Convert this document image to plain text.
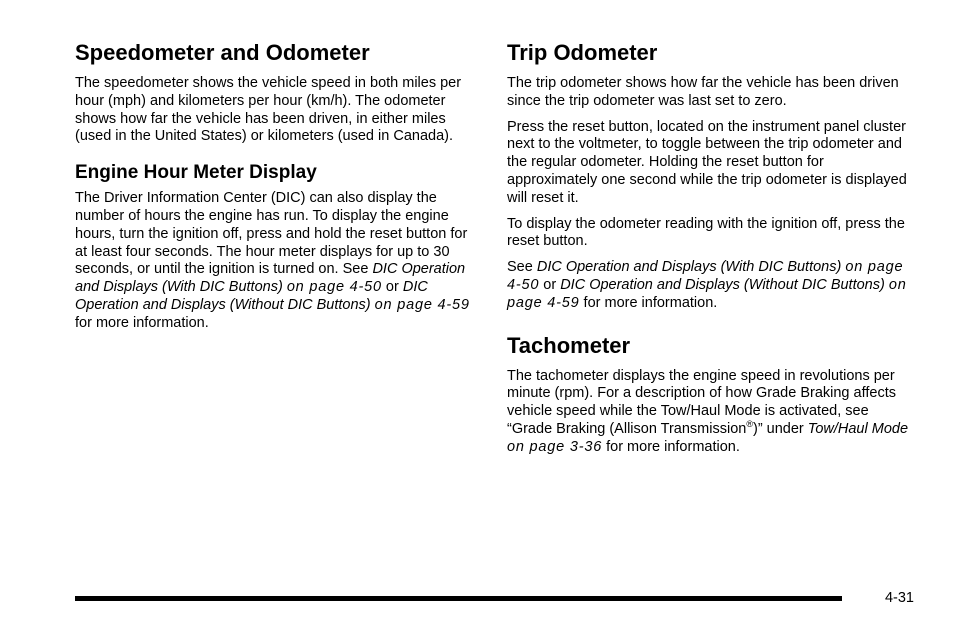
Speedometer and Odometer

The speedometer shows the vehicle speed in both miles per hour (mph) and kilometers per hour (km/h). The odometer shows how far the vehicle has been driven, in either miles (used in the United States) or kilometers (used in Canada).

Engine Hour Meter Display

The Driver Information Center (DIC) can also display the number of hours the engine has run. To display the engine hours, turn the ignition off, press and hold the reset button for at least four seconds. The hour meter displays for up to 30 seconds, or until the ignition is turned on. See DIC Operation and Displays (With DIC Buttons) on page 4-50 or DIC Operation and Displays (Without DIC Buttons) on page 4-59 for more information.

Trip Odometer

The trip odometer shows how far the vehicle has been driven since the trip odometer was last set to zero.

Press the reset button, located on the instrument panel cluster next to the voltmeter, to toggle between the trip odometer and the regular odometer. Holding the reset button for approximately one second while the trip odometer is displayed will reset it.

To display the odometer reading with the ignition off, press the reset button.

See DIC Operation and Displays (With DIC Buttons) on page 4-50 or DIC Operation and Displays (Without DIC Buttons) on page 4-59 for more information.

Tachometer

The tachometer displays the engine speed in revolutions per minute (rpm). For a description of how Grade Braking affects vehicle speed while the Tow/Haul Mode is activated, see “Grade Braking (Allison Transmission®)” under Tow/Haul Mode on page 3-36 for more information.

4-31
